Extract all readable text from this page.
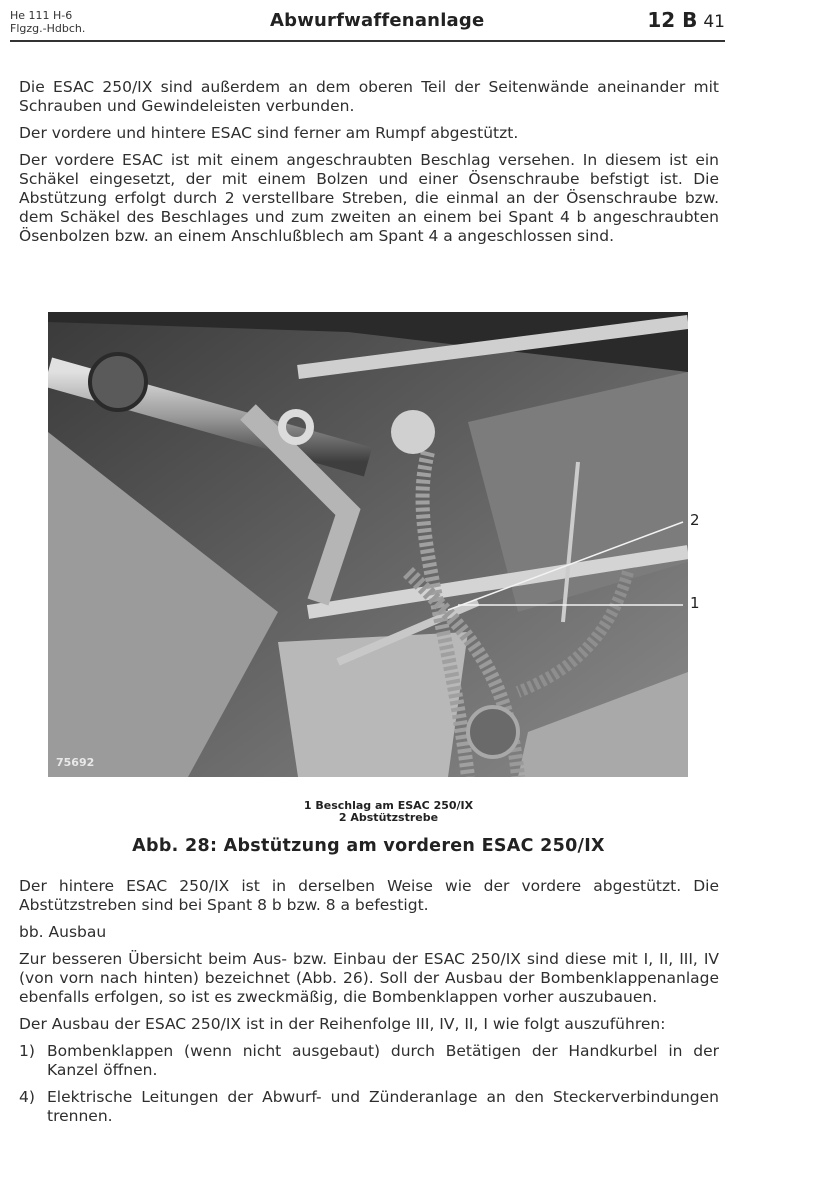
He 111 H-6
Flgzg.-Hdbch.	Abwurfwaffenanlage	12 B 41

Die ESAC 250/IX sind außerdem an dem oberen Teil der Seitenwände aneinander mit Schrauben und Gewindeleisten verbunden.

Der vordere und hintere ESAC sind ferner am Rumpf abgestützt.

Der vordere ESAC ist mit einem angeschraubten Beschlag versehen. In diesem ist ein Schäkel eingesetzt, der mit einem Bolzen und einer Ösenschraube befstigt ist. Die Abstützung erfolgt durch 2 verstellbare Streben, die einmal an der Ösenschraube bzw. dem Schäkel des Beschlages und zum zweiten an einem bei Spant 4 b angeschraubten Ösenbolzen bzw. an einem Anschlußblech am Spant 4 a angeschlossen sind.

75692
2
1
1 Beschlag am ESAC 250/IX
2 Abstützstrebe
Abb. 28: Abstützung am vorderen ESAC 250/IX

Der hintere ESAC 250/IX ist in derselben Weise wie der vordere abgestützt. Die Abstützstreben sind bei Spant 8 b bzw. 8 a befestigt.

bb. Ausbau

Zur besseren Übersicht beim Aus- bzw. Einbau der ESAC 250/IX sind diese mit I, II, III, IV (von vorn nach hinten) bezeichnet (Abb. 26). Soll der Ausbau der Bombenklappenanlage ebenfalls erfolgen, so ist es zweckmäßig, die Bombenklappen vorher auszubauen.

Der Ausbau der ESAC 250/IX ist in der Reihenfolge III, IV, II, I wie folgt auszuführen:

1) Bombenklappen (wenn nicht ausgebaut) durch Betätigen der Handkurbel in der Kanzel öffnen.
4) Elektrische Leitungen der Abwurf- und Zünderanlage an den Steckerverbindungen trennen.
